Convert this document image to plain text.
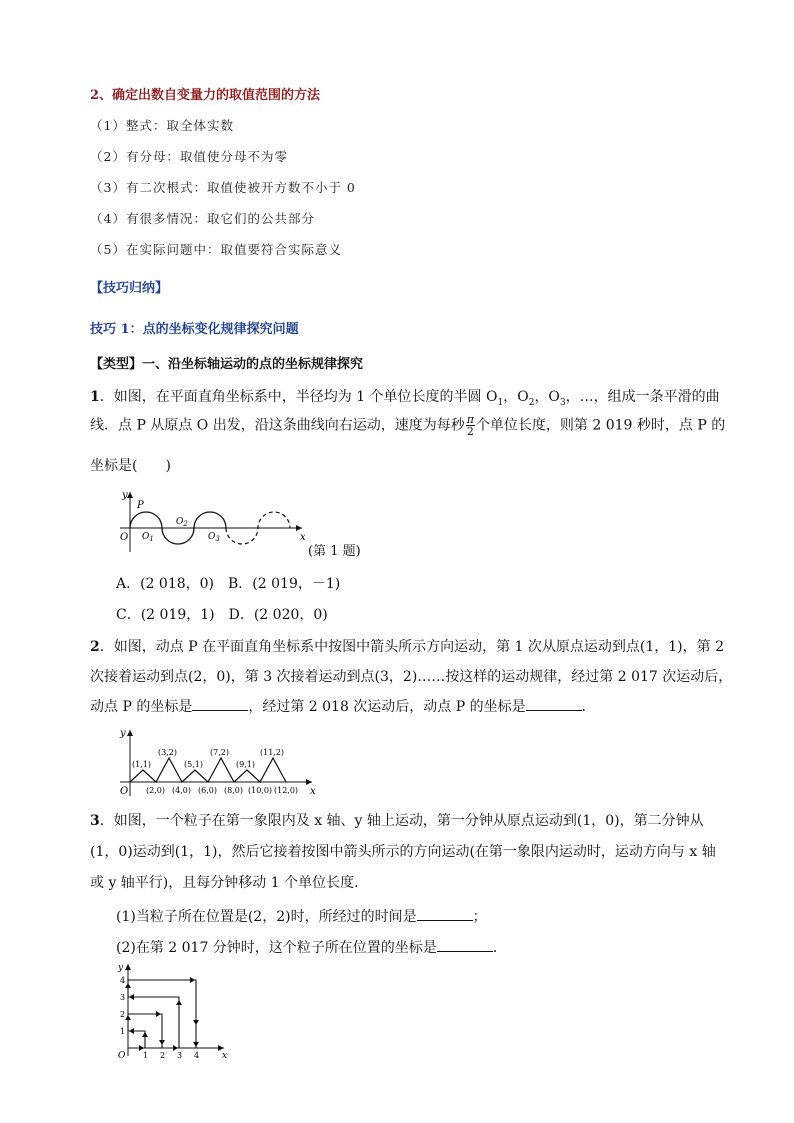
2、确定出数自变量力的取值范围的方法
（1）整式：取全体实数
（2）有分母：取值使分母不为零
（3）有二次根式：取值使被开方数不小于 0
（4）有很多情况：取它们的公共部分
（5）在实际问题中：取值要符合实际意义
【技巧归纳】
技巧 1：点的坐标变化规律探究问题
【类型】一、沿坐标轴运动的点的坐标规律探究
1．如图，在平面直角坐标系中，半径均为 1 个单位长度的半圆 $O_1$，$O_2$，$O_3$，…，组成一条平滑的曲
线．点 P 从原点 O 出发，沿这条曲线向右运动，速度为每秒 $\frac{\pi}{2}$ 个单位长度，则第 2 019 秒时，点 P 的
坐标是(　　)
y
x
O
P
$O_1$
$O_2$
$O_3$
(第 1 题)
A．(2 018，0)　B．(2 019，－1)
C．(2 019，1)　D．(2 020，0)
2．如图，动点 P 在平面直角坐标系中按图中箭头所示方向运动，第 1 次从原点运动到点(1，1)，第 2
次接着运动到点(2，0)，第 3 次接着运动到点(3，2)……按这样的运动规律，经过第 2 017 次运动后，
动点 P 的坐标是	，经过第 2 018 次运动后，动点 P 的坐标是	．
y
x
O
(1,1)
(3,2)
(5,1)
(7,2)
(9,1)
(11,2)
(2,0) (4,0) (6,0) (8,0) (10,0) (12,0)
3．如图，一个粒子在第一象限内及 x 轴、y 轴上运动，第一分钟从原点运动到(1，0)，第二分钟从
(1，0)运动到(1，1)，然后它接着按图中箭头所示的方向运动(在第一象限内运动时，运动方向与 x 轴
或 y 轴平行)，且每分钟移动 1 个单位长度．
(1)当粒子所在位置是(2，2)时，所经过的时间是	；
(2)在第 2 017 分钟时，这个粒子所在位置的坐标是	．
y
x
O 1 2 3 4
1
2
3
4
